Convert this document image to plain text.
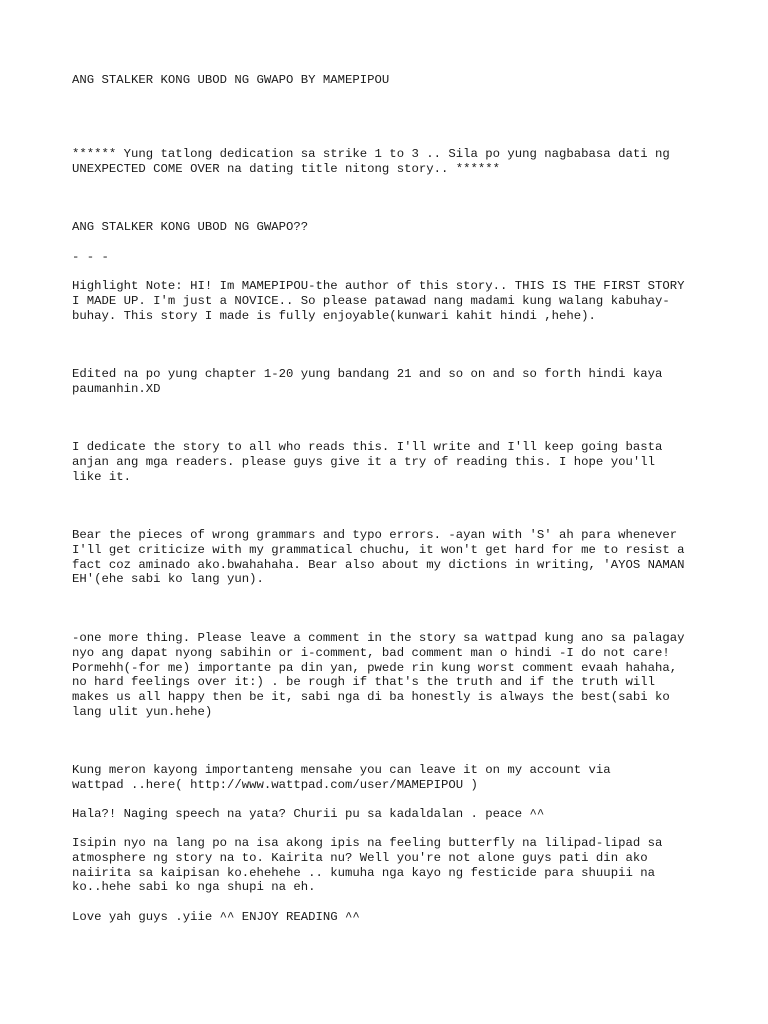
ANG STALKER KONG UBOD NG GWAPO BY MAMEPIPOU

****** Yung tatlong dedication sa strike 1 to 3 .. Sila po yung nagbabasa dati ng
UNEXPECTED COME OVER na dating title nitong story.. ******

ANG STALKER KONG UBOD NG GWAPO??

- - -

Highlight Note: HI! Im MAMEPIPOU-the author of this story.. THIS IS THE FIRST STORY
I MADE UP. I'm just a NOVICE.. So please patawad nang madami kung walang kabuhay-
buhay. This story I made is fully enjoyable(kunwari kahit hindi ,hehe).

Edited na po yung chapter 1-20 yung bandang 21 and so on and so forth hindi kaya
paumanhin.XD

I dedicate the story to all who reads this. I'll write and I'll keep going basta
anjan ang mga readers. please guys give it a try of reading this. I hope you'll
like it.

Bear the pieces of wrong grammars and typo errors. -ayan with 'S' ah para whenever
I'll get criticize with my grammatical chuchu, it won't get hard for me to resist a
fact coz aminado ako.bwahahaha. Bear also about my dictions in writing, 'AYOS NAMAN
EH'(ehe sabi ko lang yun).

-one more thing. Please leave a comment in the story sa wattpad kung ano sa palagay
nyo ang dapat nyong sabihin or i-comment, bad comment man o hindi -I do not care!
Pormehh(-for me) importante pa din yan, pwede rin kung worst comment evaah hahaha,
no hard feelings over it:) . be rough if that's the truth and if the truth will
makes us all happy then be it, sabi nga di ba honestly is always the best(sabi ko
lang ulit yun.hehe)

Kung meron kayong importanteng mensahe you can leave it on my account via
wattpad ..here( http://www.wattpad.com/user/MAMEPIPOU )

Hala?! Naging speech na yata? Churii pu sa kadaldalan . peace ^^

Isipin nyo na lang po na isa akong ipis na feeling butterfly na lilipad-lipad sa
atmosphere ng story na to. Kairita nu? Well you're not alone guys pati din ako
naiirita sa kaipisan ko.ehehehe .. kumuha nga kayo ng festicide para shuupii na
ko..hehe sabi ko nga shupi na eh.

Love yah guys .yiie ^^ ENJOY READING ^^
